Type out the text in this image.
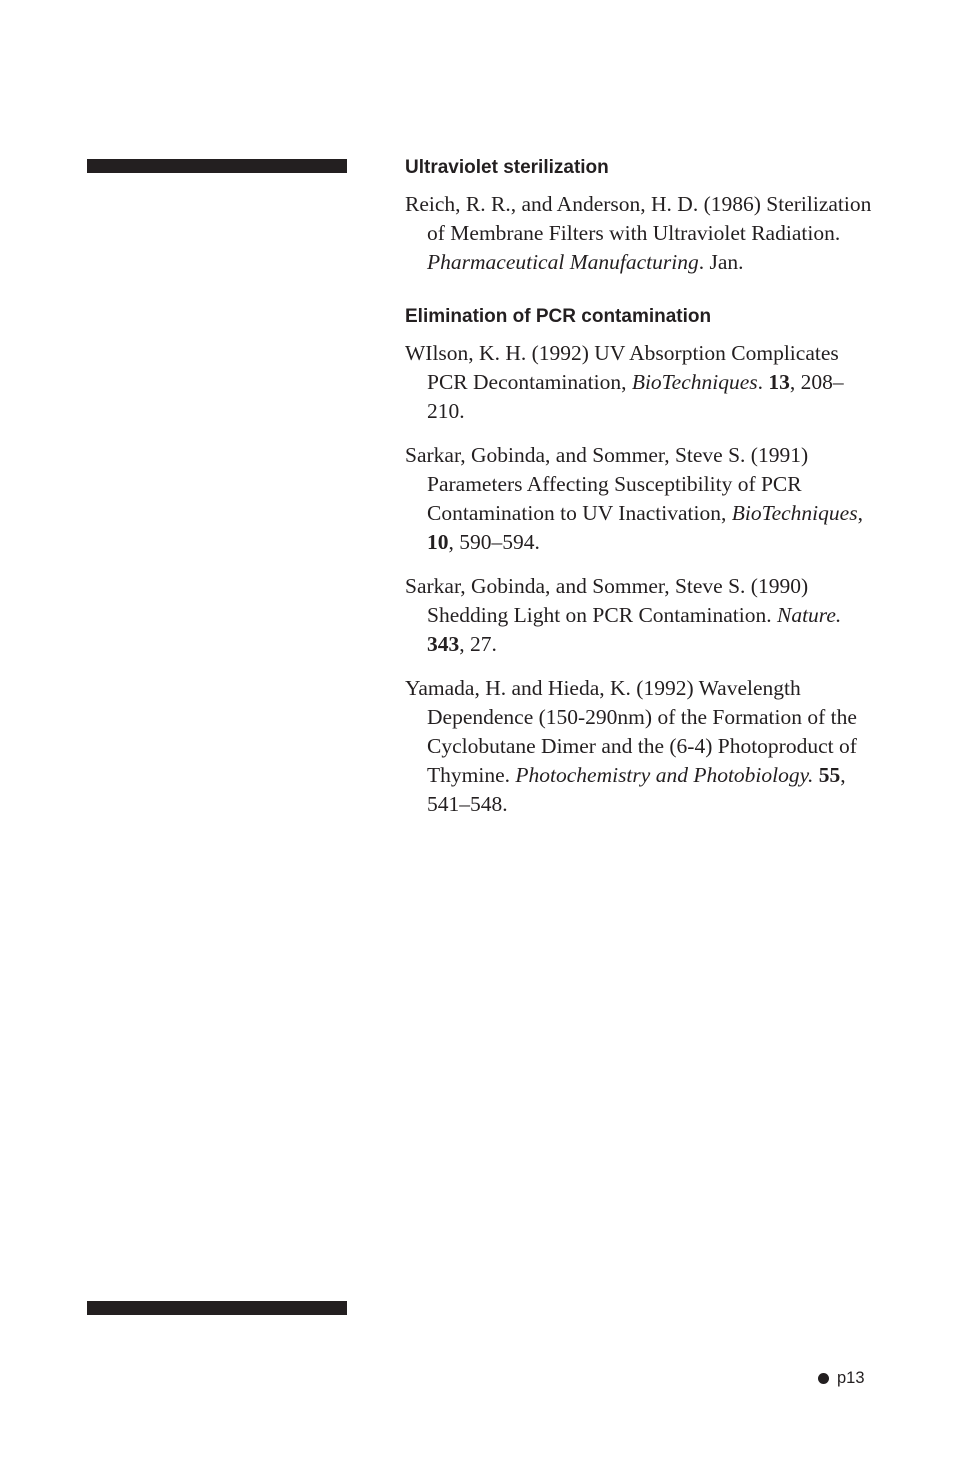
Ultraviolet sterilization

Reich, R. R., and Anderson, H. D. (1986) Sterilization of Membrane Filters with Ultraviolet Radiation. Pharmaceutical Manufacturing. Jan.

Elimination of PCR contamination

WIlson, K. H. (1992) UV Absorption Complicates PCR Decontamination, BioTechniques. 13, 208–210.

Sarkar, Gobinda, and Sommer, Steve S. (1991) Parameters Affecting Susceptibility of PCR Contamination to UV Inactivation, BioTechniques, 10, 590–594.

Sarkar, Gobinda, and Sommer, Steve S. (1990) Shedding Light on PCR Contamination. Nature. 343, 27.

Yamada, H. and Hieda, K. (1992) Wavelength Dependence (150-290nm) of the Formation of the Cyclobutane Dimer and the (6-4) Photoproduct of Thymine. Photochemistry and Photobiology. 55, 541–548.

p13
